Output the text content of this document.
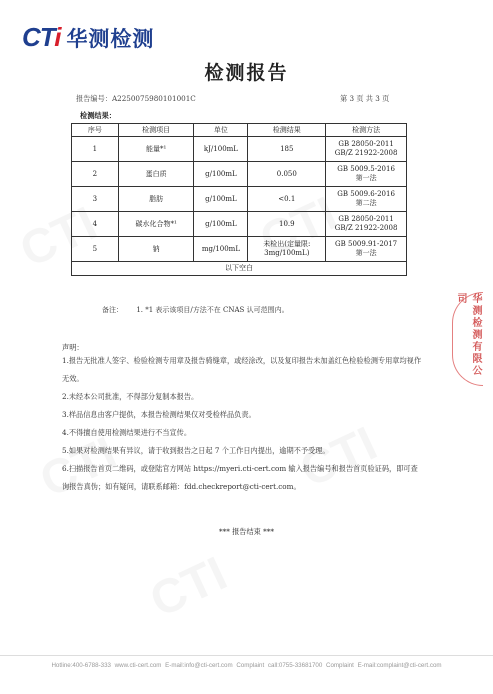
CTi 华测检测
检测报告
报告编号：A2250075980101001C	第 3 页 共 3 页
检测结果：
序号	检测项目	单位	检测结果	检测方法
1	能量*¹	kJ/100mL	185	GB 28050-2011
GB/Z 21922-2008
2	蛋白质	g/100mL	0.050	GB 5009.5-2016
第一法
3	脂肪	g/100mL	<0.1	GB 5009.6-2016
第二法
4	碳水化合物*¹	g/100mL	10.9	GB 28050-2011
GB/Z 21922-2008
5	钠	mg/100mL	未检出(定量限:
3mg/100mL)	GB 5009.91-2017
第一法
以下空白				
备注：      1. *1 表示该项目/方法不在 CNAS 认可范围内。
声明：
1.报告无批准人签字、检验检测专用章及报告骑缝章，或经涂改，以及复印报告未加盖红色检验检测专用章均视作无效。
2.未经本公司批准，不得部分复制本报告。
3.样品信息由客户提供，本报告检测结果仅对受检样品负责。
4.不得擅自使用检测结果进行不当宣传。
5.如果对检测结果有异议，请于收到报告之日起 7 个工作日内提出，逾期不予受理。
6.扫描报告首页二维码，或登陆官方网站 https://myeri.cti-cert.com 输入报告编号和报告首页验证码，即可查询报告真伪；如有疑问，请联系邮箱：fdd.checkreport@cti-cert.com。
*** 报告结束 ***
华测检测有限公司
Hotline:400-6788-333 www.cti-cert.com E-mail:info@cti-cert.com Complaint call:0755-33681700 Complaint E-mail:complaint@cti-cert.com
